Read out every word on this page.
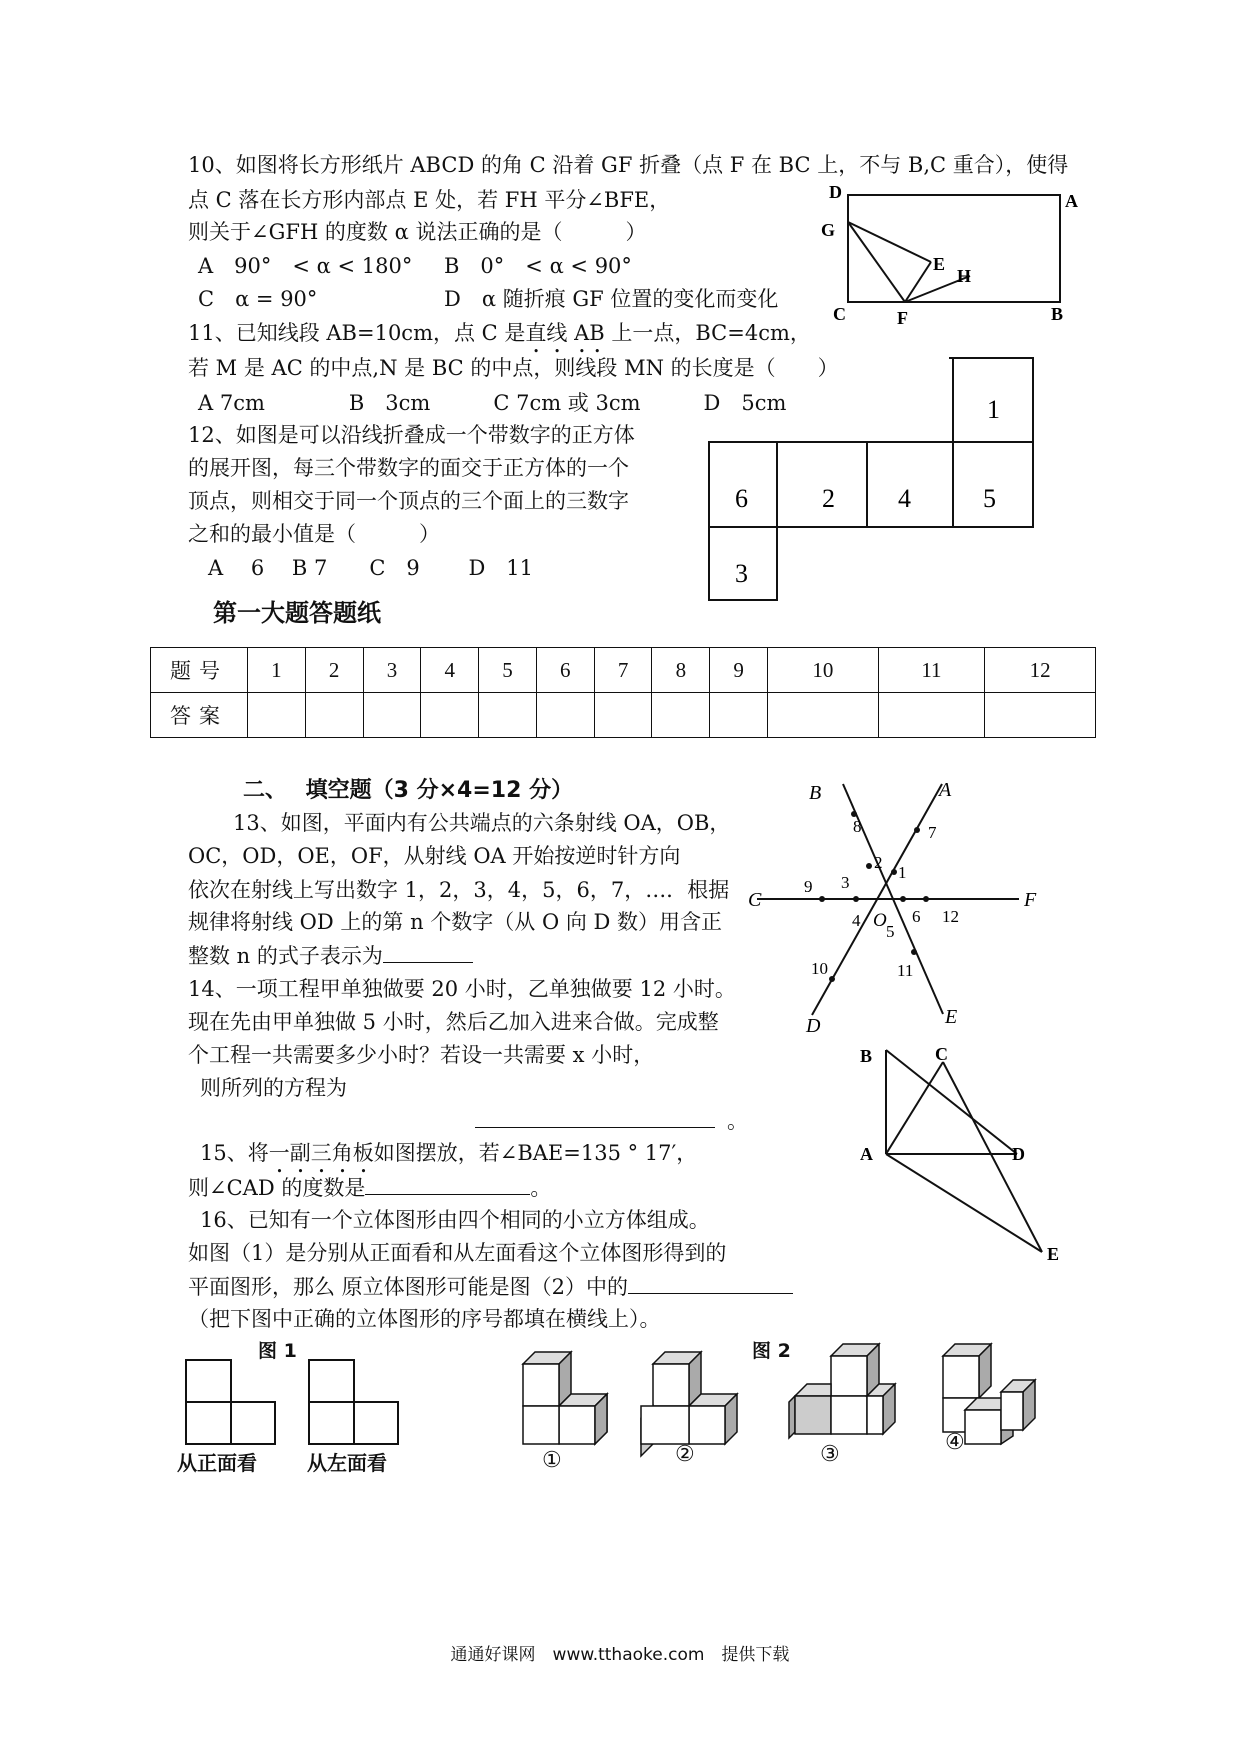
10、如图将长方形纸片 ABCD 的角 C 沿着 GF 折叠（点 F 在 BC 上，不与 B,C 重合），使得
点 C 落在长方形内部点 E 处，若 FH 平分∠BFE，
则关于∠GFH 的度数 α 说法正确的是（　　　）
A　90°　< α < 180° B　0°　< α < 90°
C　α = 90°	D　α 随折痕 GF 位置的变化而变化
D	A
G
E
H
C	F	B
11、已知线段 AB=10cm，点 C 是直线 AB 上一点，BC=4cm，
若 M 是 AC 的中点,N 是 BC 的中点，则线段 MN 的长度是（　　）
A 7cm　　　　B　3cm　　　C 7cm 或 3cm　　　D　5cm
12、如图是可以沿线折叠成一个带数字的正方体
的展开图，每三个带数字的面交于正方体的一个
顶点，则相交于同一个顶点的三个面上的三数字
之和的最小值是（　　　）
A　 6　 B 7　　C　9　　 D　11
1
6	2 4	5
3
第一大题答题纸
题号	1	2	3	4	5	6	7	8	9	10	11	12
答案												
二、　 填空题（3 分×4=12 分）
13、如图，平面内有公共端点的六条射线 OA，OB，
OC，OD，OE，OF，从射线 OA 开始按逆时针方向
依次在射线上写出数字 1，2，3，4，5，6，7，…．根据
规律将射线 OD 上的第 n 个数字（从 O 向 D 数）用含正
整数 n 的式子表示为
B	A
C	F
D	E
O
1
2
3
4
5
6
7
8
9
10	11
12
14、一项工程甲单独做要 20 小时，乙单独做要 12 小时。
现在先由甲单独做 5 小时，然后乙加入进来合做。完成整
个工程一共需要多少小时？若设一共需要 x 小时，
则所列的方程为
。
15、将一副三角板如图摆放，若∠BAE=135 ° 17′，
则∠CAD 的度数是	。
B	C
A	D
E
16、已知有一个立体图形由四个相同的小立方体组成。
如图（1）是分别从正面看和从左面看这个立体图形得到的
平面图形，那么 原立体图形可能是图（2）中的
（把下图中正确的立体图形的序号都填在横线上）。
图 1
从正面看	从左面看
图 2
①	②	③	④
通通好课网　www.tthaoke.com　提供下载
